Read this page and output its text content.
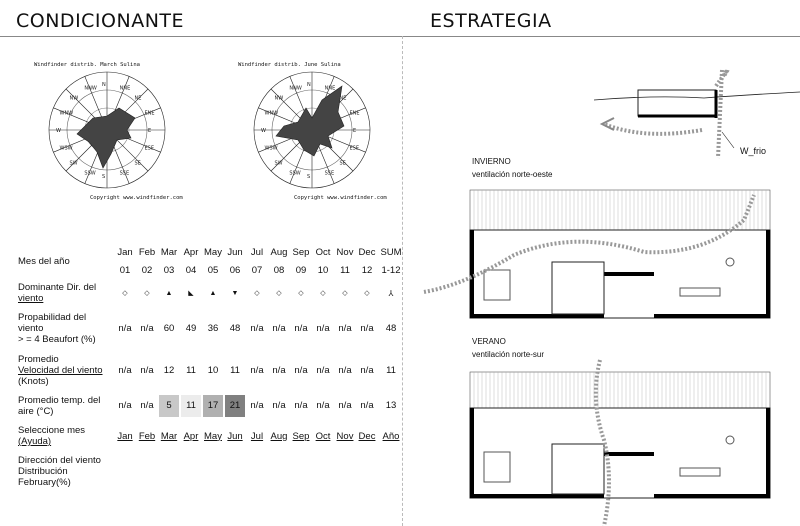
CONDICIONANTE	ESTRATEGIA
Windfinder distrib. March Sulina
N
NNE
NE
ENE
E
ESE
SE
SSE
S
SSW
SW
WSW
W
WNW
NW
NNW
Copyright www.windfinder.com
Windfinder distrib. June Sulina
N
NNE
NE
ENE
E
ESE
SE
SSE
S
SSW
SW
WSW
W
WNW
NW
NNW
Copyright www.windfinder.com
Mes del año	Jan	Feb	Mar	Apr	May	Jun	Jul	Aug	Sep	Oct	Nov	Dec	SUM
	01	02	03	04	05	06	07	08	09	10	11	12	1-12
Dominante Dir. del
viento	◇	◇	▲	◣	▲	▼	◇	◇	◇	◇	◇	◇	⅄
Propabilidad del
viento
> = 4 Beaufort (%)	n/a	n/a	60	49	36	48	n/a	n/a	n/a	n/a	n/a	n/a	48
Promedio
Velocidad del viento
(Knots)	n/a	n/a	12	11	10	11	n/a	n/a	n/a	n/a	n/a	n/a	11
Promedio temp. del
aire (°C)	n/a	n/a	5	11	17	21	n/a	n/a	n/a	n/a	n/a	n/a	13
Seleccione mes
(Ayuda)	Jan	Feb	Mar	Apr	May	Jun	Jul	Aug	Sep	Oct	Nov	Dec	Año
Dirección del viento
Distribución
February(%)													
W_frio
INVIERNO
ventilación norte-oeste
VERANO
ventilación norte-sur
